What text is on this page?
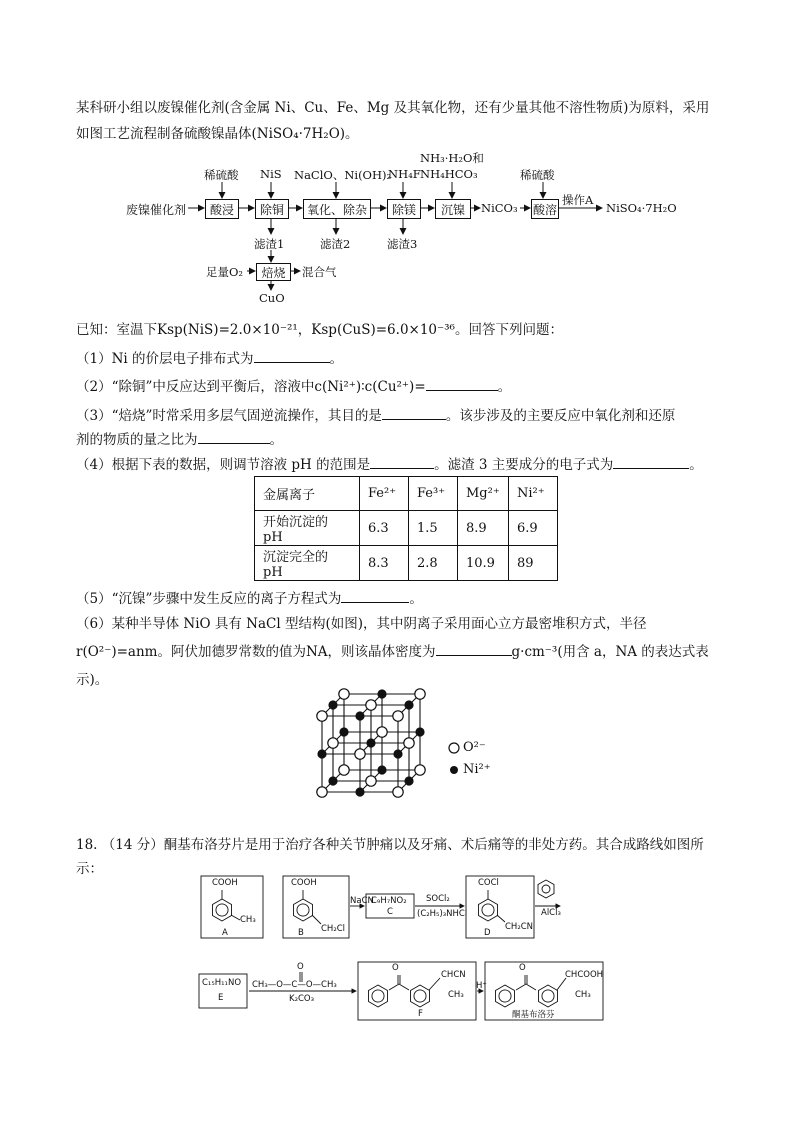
某科研小组以废镍催化剂(含金属 Ni、Cu、Fe、Mg 及其氧化物，还有少量其他不溶性物质)为原料，采用
如图工艺流程制备硫酸镍晶体(NiSO₄·7H₂O)。
废镍催化剂	酸浸	除铜	氧化、除杂	除镁	沉镍	酸溶
稀硫酸 NiS NaClO、Ni(OH)₂
NH₄F
NH₃·H₂O和
NH₄HCO₃	稀硫酸
NiCO₃
操作A
NiSO₄·7H₂O
滤渣1	滤渣2	滤渣3
足量O₂	焙烧	混合气
CuO
已知：室温下Ksp(NiS)=2.0×10⁻²¹，Ksp(CuS)=6.0×10⁻³⁶。回答下列问题：
（1）Ni 的价层电子排布式为	。
（2）“除铜”中反应达到平衡后，溶液中c(Ni²⁺)∶c(Cu²⁺)=	。
（3）“焙烧”时常采用多层气固逆流操作，其目的是	。该步涉及的主要反应中氧化剂和还原
剂的物质的量之比为	。
（4）根据下表的数据，则调节溶液 pH 的范围是	。滤渣 3 主要成分的电子式为	。
金属离子	Fe²⁺	Fe³⁺	Mg²⁺	Ni²⁺
开始沉淀的 pH	6.3	1.5	8.9	6.9
沉淀完全的 pH	8.3	2.8	10.9	89
（5）“沉镍”步骤中发生反应的离子方程式为	。
（6）某种半导体 NiO 具有 NaCl 型结构(如图)，其中阴离子采用面心立方最密堆积方式，半径
r(O²⁻)=anm。阿伏加德罗常数的值为NA，则该晶体密度为	g·cm⁻³(用含 a，NA 的表达式表
示)。
O²⁻
Ni²⁺
18. （14 分）酮基布洛芬片是用于治疗各种关节肿痛以及牙痛、术后痛等的非处方药。其合成路线如图所
示：
COOH
CH₃
A
COOH
CH₂Cl
B
NaCN
C₉H₇NO₂
C
SOCl₂
(C₂H₅)₃NHCl
COCl
CH₂CN
D
AlCl₃
C₁₅H₁₁NO
E
O
CH₃—O—C—O—CH₃
K₂CO₃
O
CHCN
CH₃
F
H⁺
O
CHCOOH
CH₃
酮基布洛芬
